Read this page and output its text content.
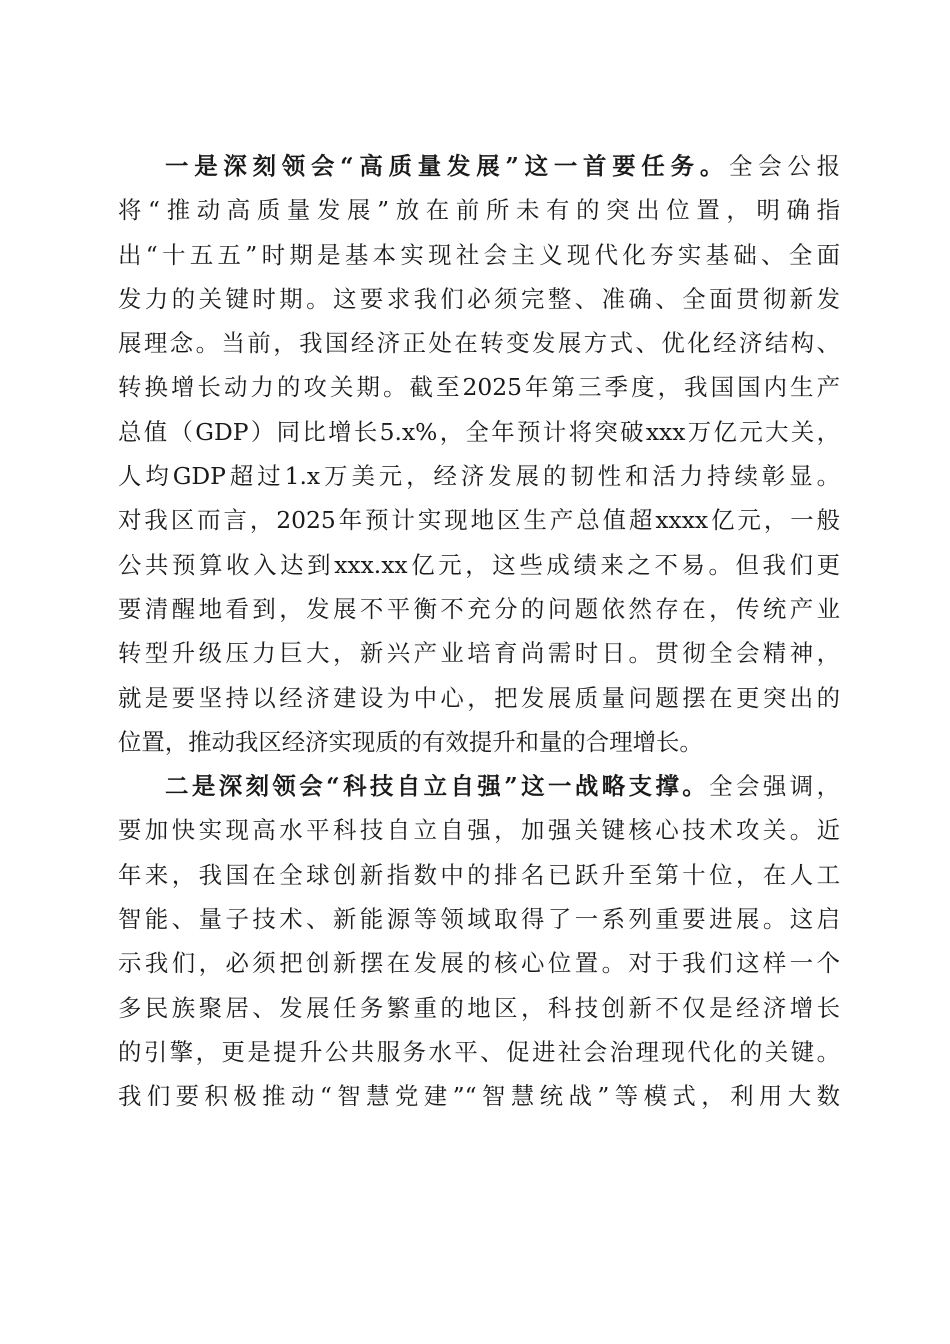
一是深刻领会“高质量发展”这一首要任务。全会公报
将“推动高质量发展”放在前所未有的突出位置，明确指
出“十五五”时期是基本实现社会主义现代化夯实基础、全面
发力的关键时期。这要求我们必须完整、准确、全面贯彻新发
展理念。当前，我国经济正处在转变发展方式、优化经济结构、
转换增长动力的攻关期。截至2025年第三季度，我国国内生产
总值（GDP）同比增长5.x%，全年预计将突破xxx万亿元大关，
人均GDP超过1.x万美元，经济发展的韧性和活力持续彰显。
对我区而言，2025年预计实现地区生产总值超xxxx亿元，一般
公共预算收入达到xxx.xx亿元，这些成绩来之不易。但我们更
要清醒地看到，发展不平衡不充分的问题依然存在，传统产业
转型升级压力巨大，新兴产业培育尚需时日。贯彻全会精神，
就是要坚持以经济建设为中心，把发展质量问题摆在更突出的
位置，推动我区经济实现质的有效提升和量的合理增长。
二是深刻领会“科技自立自强”这一战略支撑。全会强调，
要加快实现高水平科技自立自强，加强关键核心技术攻关。近
年来，我国在全球创新指数中的排名已跃升至第十位，在人工
智能、量子技术、新能源等领域取得了一系列重要进展。这启
示我们，必须把创新摆在发展的核心位置。对于我们这样一个
多民族聚居、发展任务繁重的地区，科技创新不仅是经济增长
的引擎，更是提升公共服务水平、促进社会治理现代化的关键。
我们要积极推动“智慧党建”“智慧统战”等模式，利用大数
